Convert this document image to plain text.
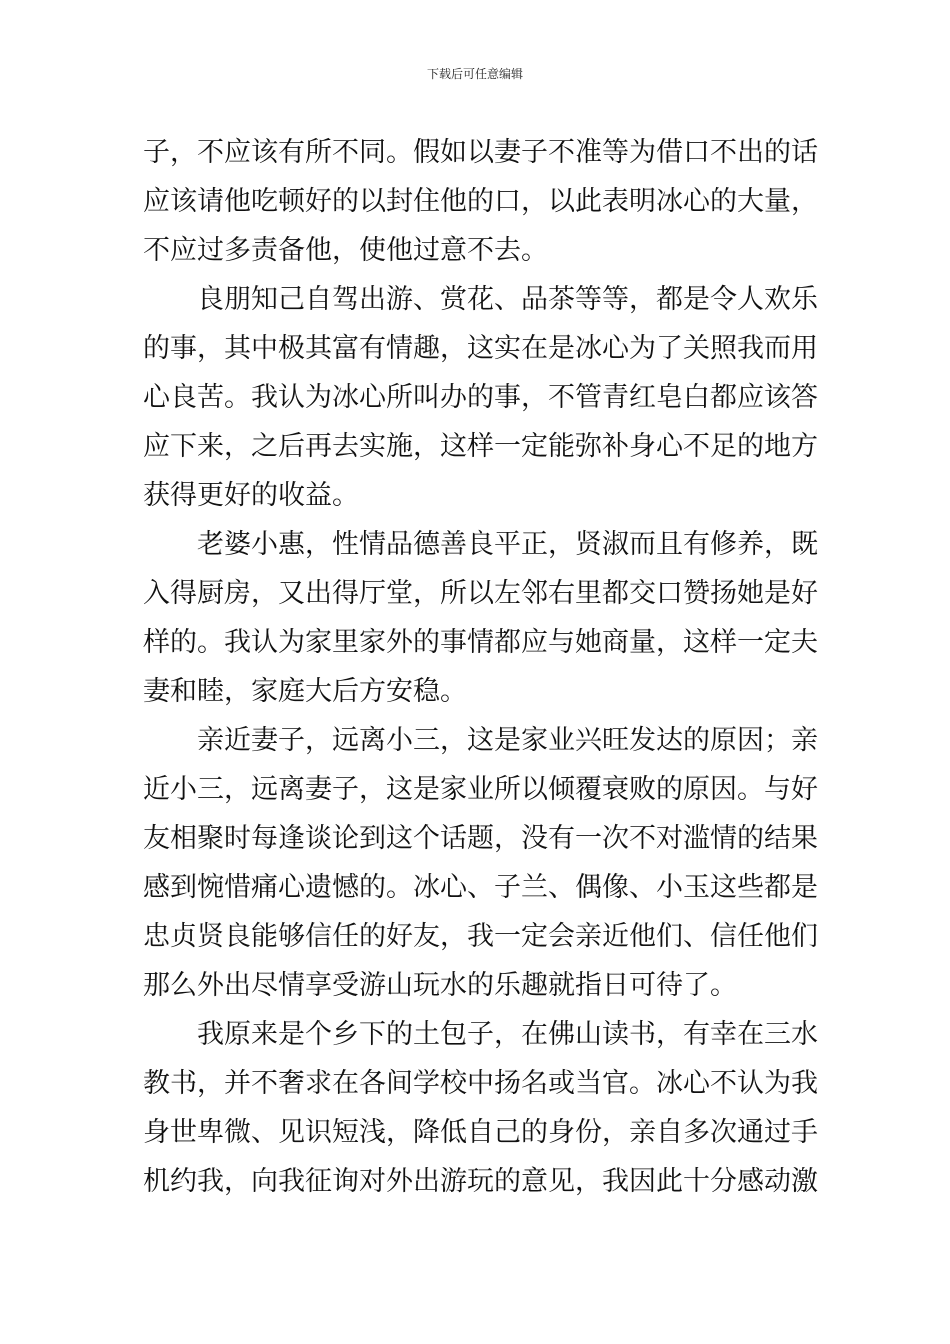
下载后可任意编辑
子，不应该有所不同。假如以妻子不准等为借口不出的话
应该请他吃顿好的以封住他的口，以此表明冰心的大量，
不应过多责备他，使他过意不去。
　　良朋知己自驾出游、赏花、品茶等等，都是令人欢乐
的事，其中极其富有情趣，这实在是冰心为了关照我而用
心良苦。我认为冰心所叫办的事，不管青红皂白都应该答
应下来，之后再去实施，这样一定能弥补身心不足的地方
获得更好的收益。
　　老婆小惠，性情品德善良平正，贤淑而且有修养，既
入得厨房，又出得厅堂，所以左邻右里都交口赞扬她是好
样的。我认为家里家外的事情都应与她商量，这样一定夫
妻和睦，家庭大后方安稳。
　　亲近妻子，远离小三，这是家业兴旺发达的原因；亲
近小三，远离妻子，这是家业所以倾覆衰败的原因。与好
友相聚时每逢谈论到这个话题，没有一次不对滥情的结果
感到惋惜痛心遗憾的。冰心、子兰、偶像、小玉这些都是
忠贞贤良能够信任的好友，我一定会亲近他们、信任他们
那么外出尽情享受游山玩水的乐趣就指日可待了。
　　我原来是个乡下的土包子，在佛山读书，有幸在三水
教书，并不奢求在各间学校中扬名或当官。冰心不认为我
身世卑微、见识短浅，降低自己的身份，亲自多次通过手
机约我，向我征询对外出游玩的意见，我因此十分感动激
